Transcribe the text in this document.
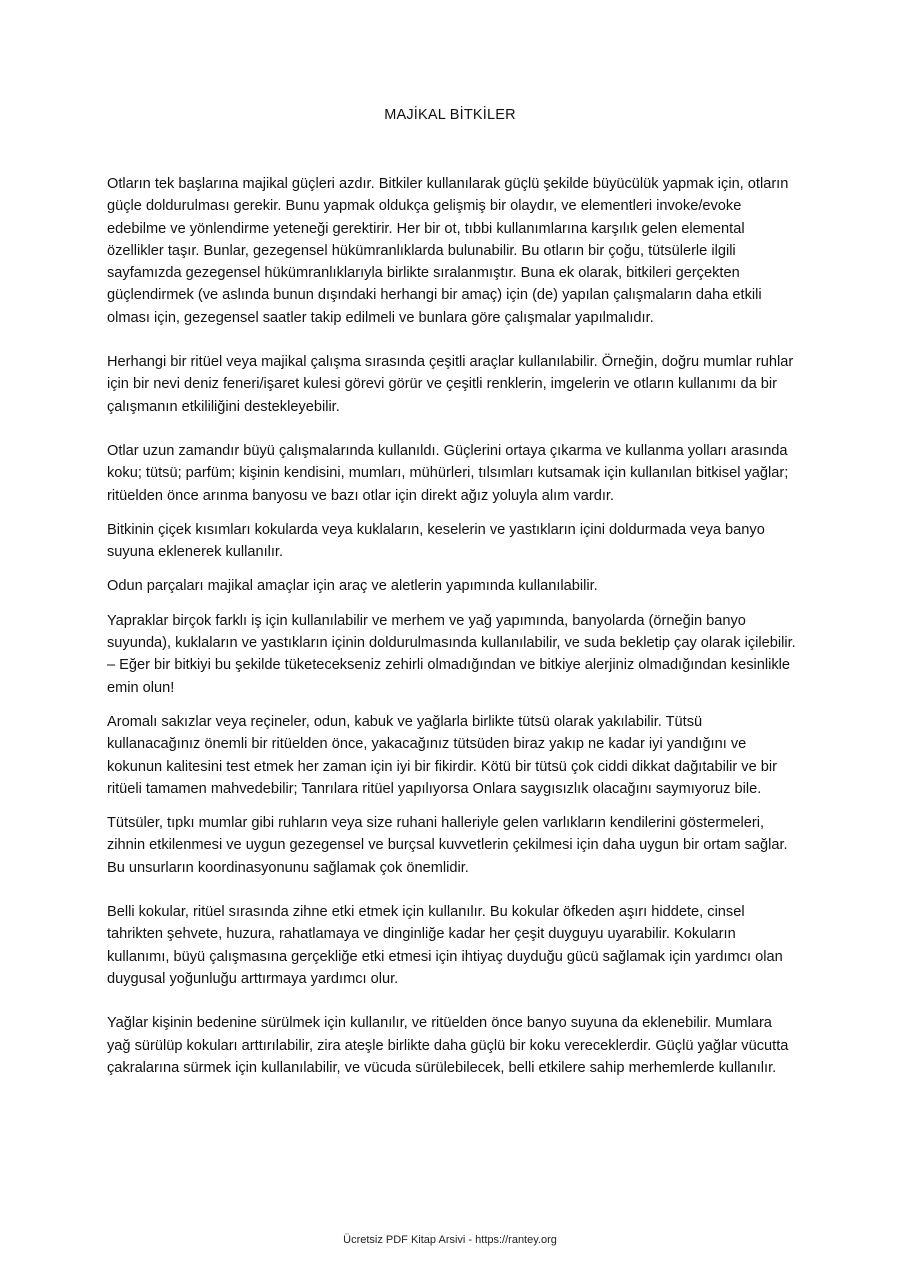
MAJİKAL BİTKİLER

Otların tek başlarına majikal güçleri azdır. Bitkiler kullanılarak güçlü şekilde büyücülük yapmak için, otların güçle doldurulması gerekir. Bunu yapmak oldukça gelişmiş bir olaydır, ve elementleri invoke/evoke edebilme ve yönlendirme yeteneği gerektirir. Her bir ot, tıbbi kullanımlarına karşılık gelen elemental özellikler taşır. Bunlar, gezegensel hükümranlıklarda bulunabilir. Bu otların bir çoğu, tütsülerle ilgili sayfamızda gezegensel hükümranlıklarıyla birlikte sıralanmıştır. Buna ek olarak, bitkileri gerçekten güçlendirmek (ve aslında bunun dışındaki herhangi bir amaç) için (de) yapılan çalışmaların daha etkili olması için, gezegensel saatler takip edilmeli ve bunlara göre çalışmalar yapılmalıdır.

Herhangi bir ritüel veya majikal çalışma sırasında çeşitli araçlar kullanılabilir. Örneğin, doğru mumlar ruhlar için bir nevi deniz feneri/işaret kulesi görevi görür ve çeşitli renklerin, imgelerin ve otların kullanımı da bir çalışmanın etkililiğini destekleyebilir.

Otlar uzun zamandır büyü çalışmalarında kullanıldı. Güçlerini ortaya çıkarma ve kullanma yolları arasında koku; tütsü; parfüm; kişinin kendisini, mumları, mühürleri, tılsımları kutsamak için kullanılan bitkisel yağlar; ritüelden önce arınma banyosu ve bazı otlar için direkt ağız yoluyla alım vardır.

Bitkinin çiçek kısımları kokularda veya kuklaların, keselerin ve yastıkların içini doldurmada veya banyo suyuna eklenerek kullanılır.

Odun parçaları majikal amaçlar için araç ve aletlerin yapımında kullanılabilir.

Yapraklar birçok farklı iş için kullanılabilir ve merhem ve yağ yapımında, banyolarda (örneğin banyo suyunda), kuklaların ve yastıkların içinin doldurulmasında kullanılabilir, ve suda bekletip çay olarak içilebilir. – Eğer bir bitkiyi bu şekilde tüketecekseniz zehirli olmadığından ve bitkiye alerjiniz olmadığından kesinlikle emin olun!

Aromalı sakızlar veya reçineler, odun, kabuk ve yağlarla birlikte tütsü olarak yakılabilir. Tütsü kullanacağınız önemli bir ritüelden önce, yakacağınız tütsüden biraz yakıp ne kadar iyi yandığını ve kokunun kalitesini test etmek her zaman için iyi bir fikirdir. Kötü bir tütsü çok ciddi dikkat dağıtabilir ve bir ritüeli tamamen mahvedebilir; Tanrılara ritüel yapılıyorsa Onlara saygısızlık olacağını saymıyoruz bile.

Tütsüler, tıpkı mumlar gibi ruhların veya size ruhani halleriyle gelen varlıkların kendilerini göstermeleri, zihnin etkilenmesi ve uygun gezegensel ve burçsal kuvvetlerin çekilmesi için daha uygun bir ortam sağlar. Bu unsurların koordinasyonunu sağlamak çok önemlidir.

Belli kokular, ritüel sırasında zihne etki etmek için kullanılır. Bu kokular öfkeden aşırı hiddete, cinsel tahrikten şehvete, huzura, rahatlamaya ve dinginliğe kadar her çeşit duyguyu uyarabilir. Kokuların kullanımı, büyü çalışmasına gerçekliğe etki etmesi için ihtiyaç duyduğu gücü sağlamak için yardımcı olan duygusal yoğunluğu arttırmaya yardımcı olur.

Yağlar kişinin bedenine sürülmek için kullanılır, ve ritüelden önce banyo suyuna da eklenebilir. Mumlara yağ sürülüp kokuları arttırılabilir, zira ateşle birlikte daha güçlü bir koku vereceklerdir. Güçlü yağlar vücutta çakralarına sürmek için kullanılabilir, ve vücuda sürülebilecek, belli etkilere sahip merhemlerde kullanılır.

Ücretsiz PDF Kitap Arsivi - https://rantey.org
